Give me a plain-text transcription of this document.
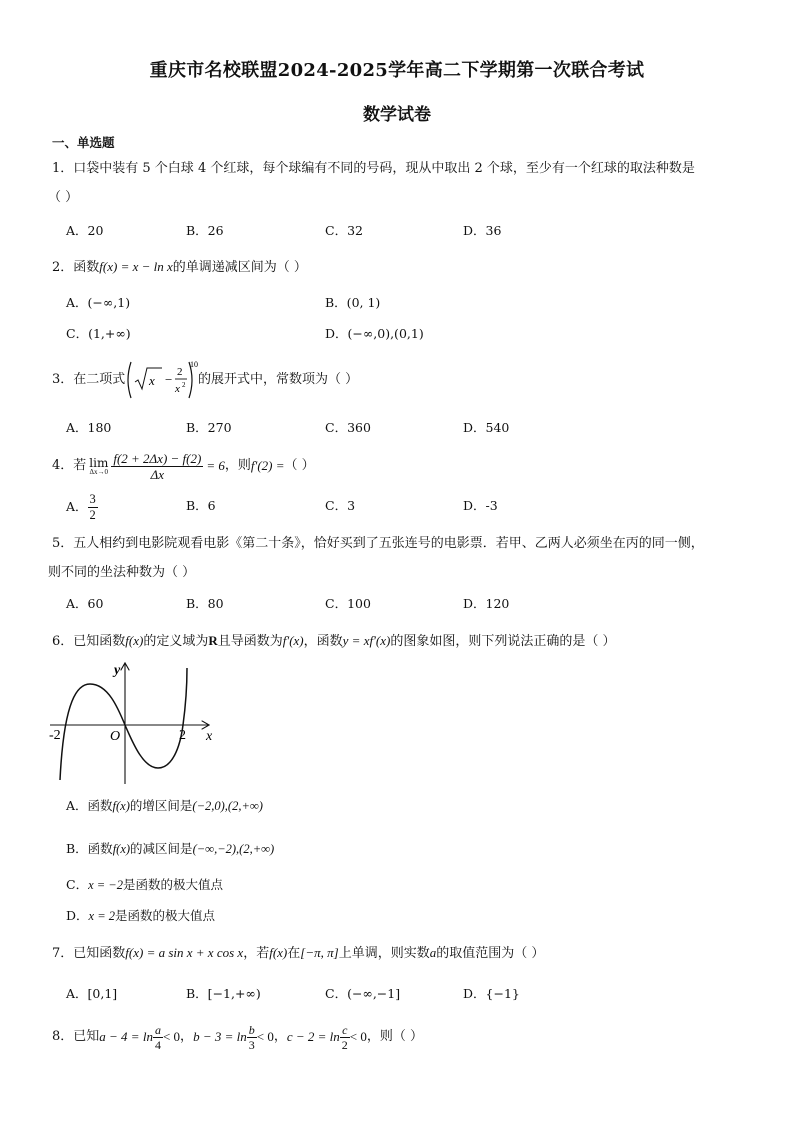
重庆市名校联盟2024-2025学年高二下学期第一次联合考试
数学试卷
一、单选题
1．口袋中装有 5 个白球 4 个红球，每个球编有不同的号码，现从中取出 2 个球，至少有一个红球的取法种数是
（ ）
A．20	B．26	C．32	D．36
2．函数f(x) = x − ln x的单调递减区间为（ ）
A．(−∞,1)	B．(0, 1)
C．(1,+∞)	D．(−∞,0),(0,1)
3．在二项式 x − 2
x 2
10
的展开式中，常数项为（ ）
A．180	B．270	C．360	D．540
4．若 lim
$\Delta x\to 0 \frac{f(2 + 2\Delta x) - f(2)}{\Delta x} = 6$ ，则 f′(2) = （ ）
A． $\frac{3}{2}$	B．6	C．3	D．-3
5．五人相约到电影院观看电影《第二十条》，恰好买到了五张连号的电影票．若甲、乙两人必须坐在丙的同一侧，
则不同的坐法种数为（ ）
A．60	B．80	C．100	D．120
6．已知函数f(x)的定义域为R且导函数为f′(x)，函数y = xf′(x)的图象如图，则下列说法正确的是（ ）
x
y
O
-2	2
A．函数f(x)的增区间是(−2,0),(2,+∞)
B．函数f(x)的减区间是(−∞,−2),(2,+∞)
C．x = −2是函数的极大值点
D．x = 2是函数的极大值点
7．已知函数f(x) = a sin x + x cos x，若f(x)在[−π, π]上单调，则实数a的取值范围为（ ）
A．[0,1]	B．[−1,+∞)	C．(−∞,−1]	D．{−1}
8．已知 $a - 4 = \ln \frac{a}{4} < 0$ ， $b - 3 = \ln \frac{b}{3} < 0$ ， $c - 2 = \ln \frac{c}{2} < 0$ ，则（ ）
